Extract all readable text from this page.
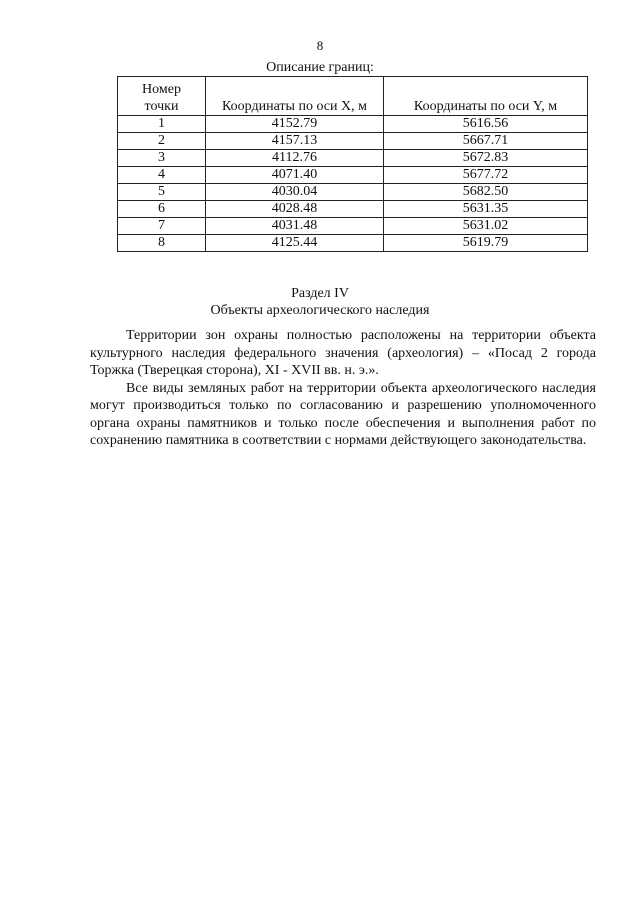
8
Описание границ:
Номер точки	Координаты по оси X, м	Координаты по оси Y, м
1	4152.79	5616.56
2	4157.13	5667.71
3	4112.76	5672.83
4	4071.40	5677.72
5	4030.04	5682.50
6	4028.48	5631.35
7	4031.48	5631.02
8	4125.44	5619.79
Раздел IV
Объекты археологического наследия

Территории зон охраны полностью расположены на территории объекта культурного наследия федерального значения (археология) – «Посад 2 города Торжка (Тверецкая сторона), XI - XVII вв. н. э.».

Все виды земляных работ на территории объекта археологического наследия могут производиться только по согласованию и разрешению уполномоченного органа охраны памятников и только после обеспечения и выполнения работ по сохранению памятника в соответствии с нормами действующего законодательства.
